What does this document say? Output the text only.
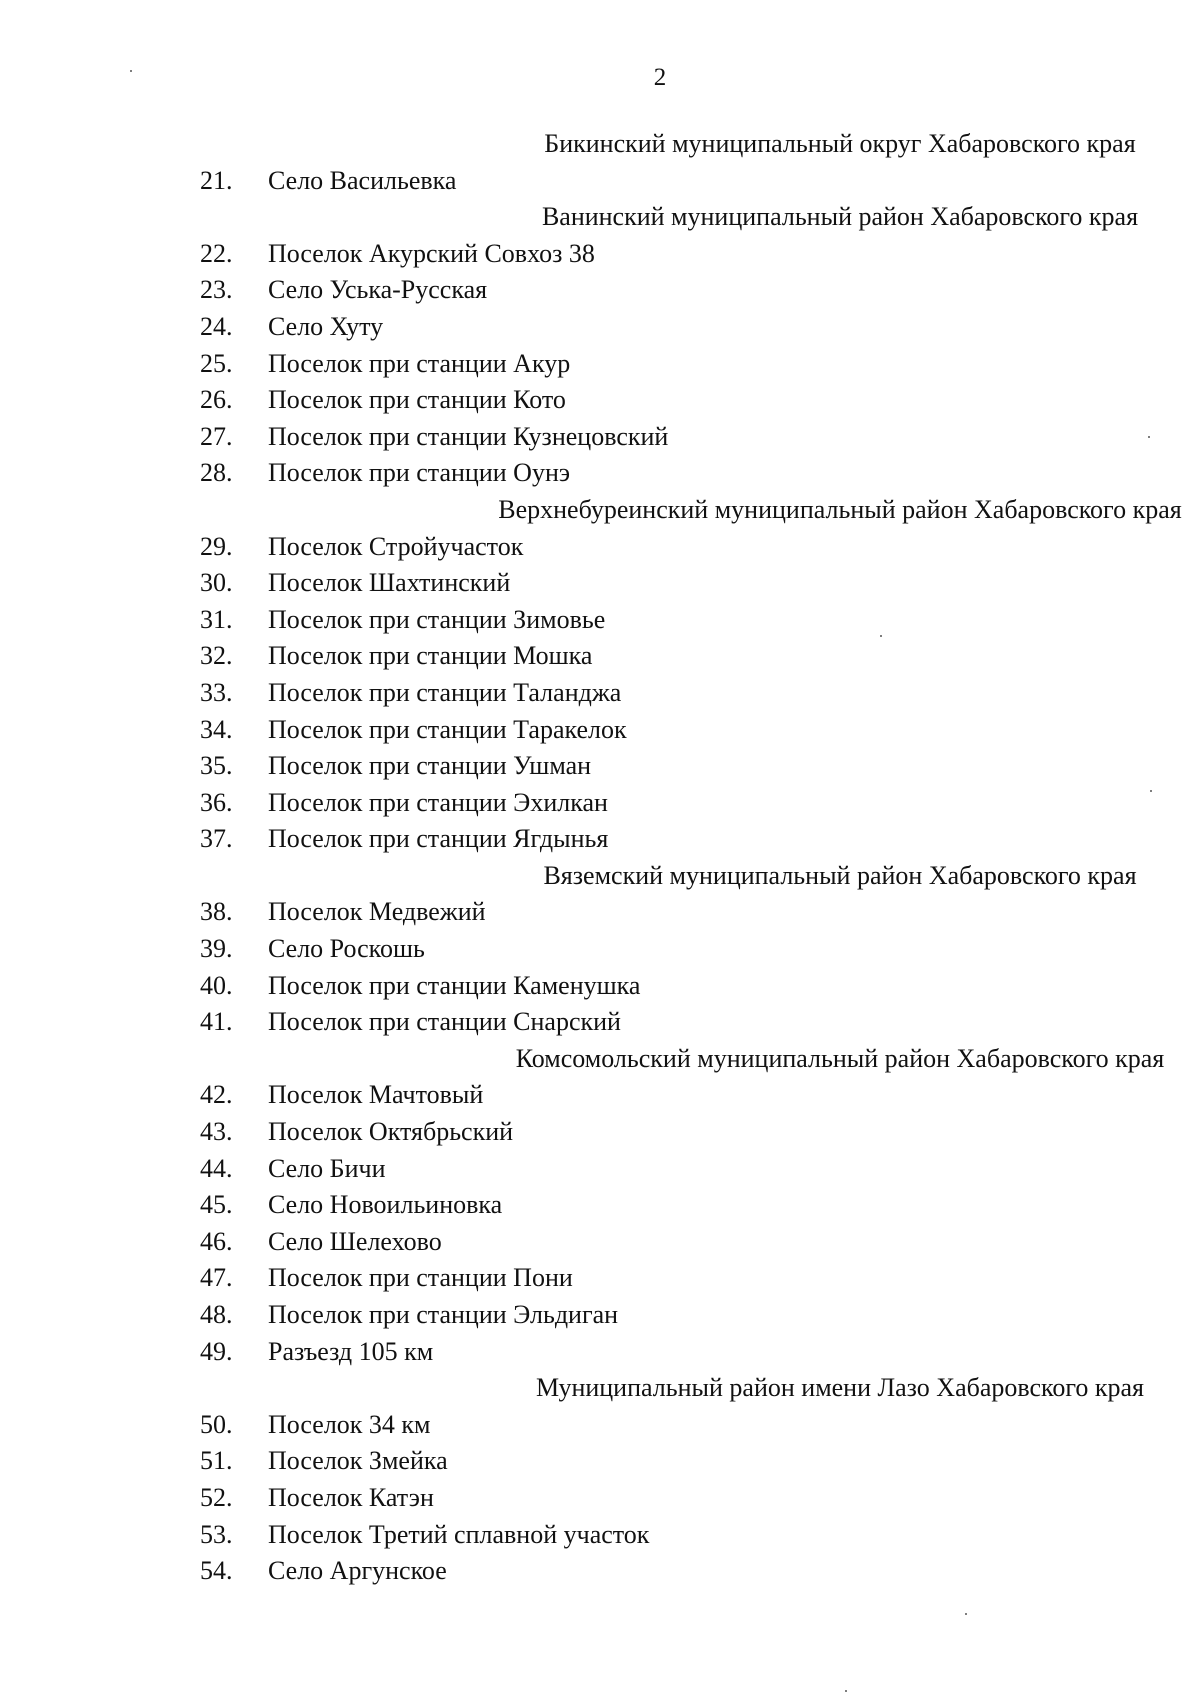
2
Бикинский муниципальный округ Хабаровского края
21.	Село Васильевка
Ванинский муниципальный район Хабаровского края
22.	Поселок Акурский Совхоз 38
23.	Село Уська-Русская
24.	Село Хуту
25.	Поселок при станции Акур
26.	Поселок при станции Кото
27.	Поселок при станции Кузнецовский
28.	Поселок при станции Оунэ
Верхнебуреинский муниципальный район Хабаровского края
29.	Поселок Стройучасток
30.	Поселок Шахтинский
31.	Поселок при станции Зимовье
32.	Поселок при станции Мошка
33.	Поселок при станции Таланджа
34.	Поселок при станции Таракелок
35.	Поселок при станции Ушман
36.	Поселок при станции Эхилкан
37.	Поселок при станции Ягдынья
Вяземский муниципальный район Хабаровского края
38.	Поселок Медвежий
39.	Село Роскошь
40.	Поселок при станции Каменушка
41.	Поселок при станции Снарский
Комсомольский муниципальный район Хабаровского края
42.	Поселок Мачтовый
43.	Поселок Октябрьский
44.	Село Бичи
45.	Село Новоильиновка
46.	Село Шелехово
47.	Поселок при станции Пони
48.	Поселок при станции Эльдиган
49.	Разъезд 105 км
Муниципальный район имени Лазо Хабаровского края
50.	Поселок 34 км
51.	Поселок Змейка
52.	Поселок Катэн
53.	Поселок Третий сплавной участок
54.	Село Аргунское
